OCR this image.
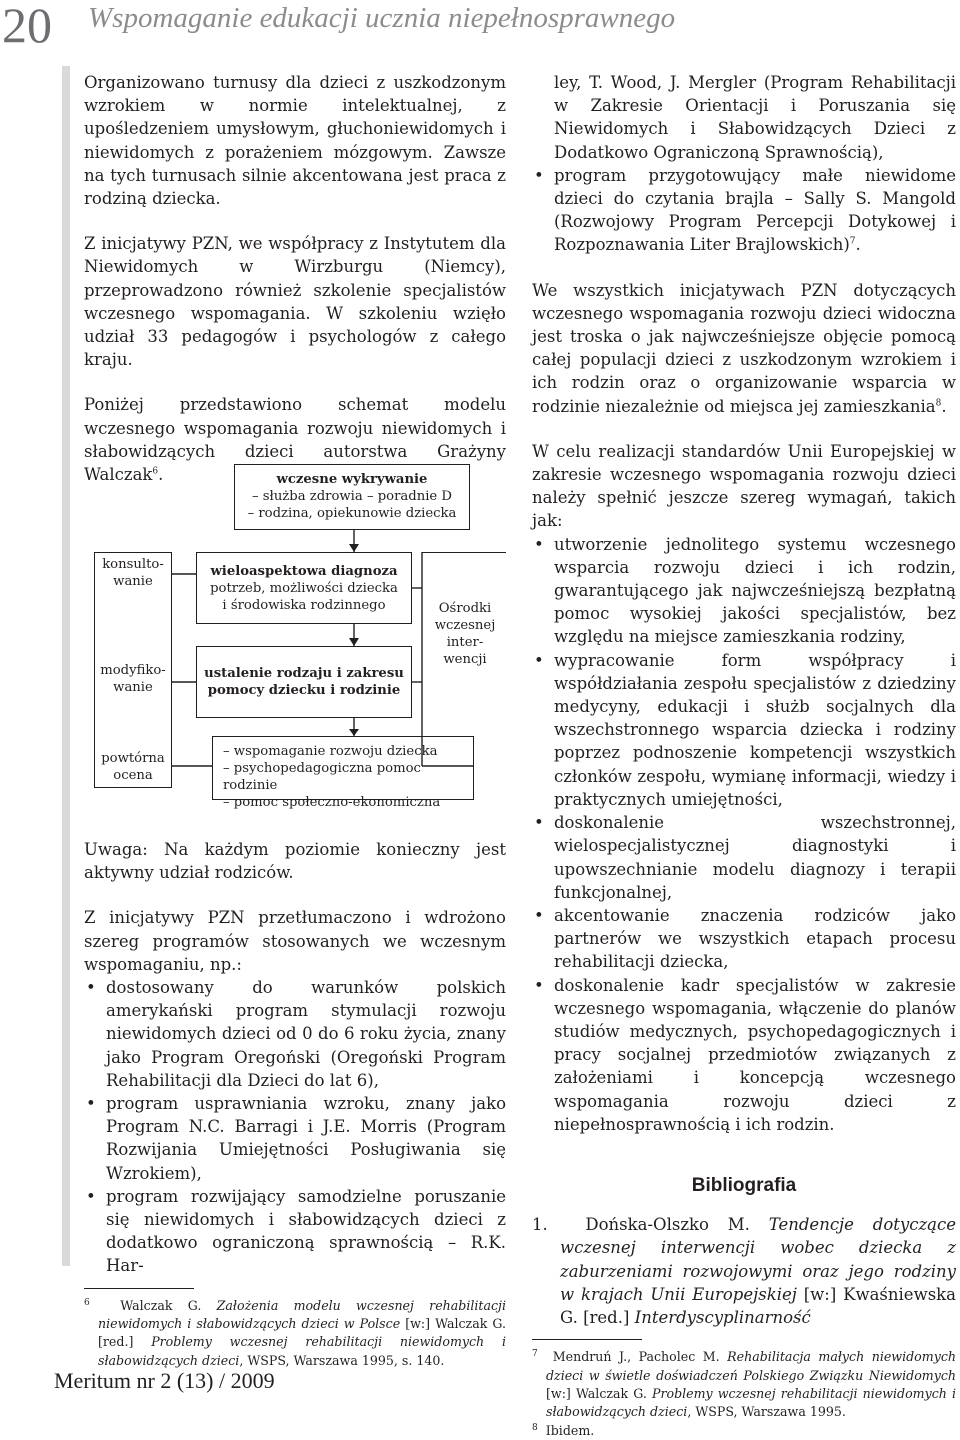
20 Wspomaganie edukacji ucznia niepełnosprawnego

Organizowano turnusy dla dzieci z uszkodzonym wzrokiem w normie intelektualnej, z upośledzeniem umysłowym, głuchoniewidomych i niewidomych z porażeniem mózgowym. Zawsze na tych turnusach silnie akcentowana jest praca z rodziną dziecka.

Z inicjatywy PZN, we współpracy z Instytutem dla Niewidomych w Wirzburgu (Niemcy), przeprowadzono również szkolenie specjalistów wczesnego wspomagania. W szkoleniu wzięło udział 33 pedagogów i psychologów z całego kraju.

Poniżej przedstawiono schemat modelu wczesnego wspomagania rozwoju niewidomych i słabowidzących dzieci autorstwa Grażyny Walczak$^6$.	wczesne wykrywanie
– służba zdrowia – poradnie D
– rodzina, opiekunowie dziecka
wieloaspektowa diagnoza
potrzeb, możliwości dziecka
i środowiska rodzinnego
ustalenie rodzaju i zakresu
pomocy dziecku i rodzinie
– wspomaganie rozwoju dziecka
– psychopedagogiczna pomoc rodzinie
– pomoc społeczno-ekonomiczna
konsulto-wanie
modyfiko-wanie
powtórna ocena
Ośrodki wczesnej inter-wencji

Uwaga: Na każdym poziomie konieczny jest aktywny udział rodziców.

Z inicjatywy PZN przetłumaczono i wdrożono szereg programów stosowanych we wczesnym wspomaganiu, np.:

• dostosowany do warunków polskich amerykański program stymulacji rozwoju niewidomych dzieci od 0 do 6 roku życia, znany jako Program Oregoński (Oregoński Program Rehabilitacji dla Dzieci do lat 6),
• program usprawniania wzroku, znany jako Program N.C. Barragi i J.E. Morris (Program Rozwijania Umiejętności Posługiwania się Wzrokiem),
• program rozwijający samodzielne poruszanie się niewidomych i słabowidzących dzieci z dodatkowo ograniczoną sprawnością – R.K. Har-
$^6$ Walczak G. Założenia modelu wczesnej rehabilitacji niewidomych i słabowidzących dzieci w Polsce [w:] Walczak G. [red.] Problemy wczesnej rehabilitacji niewidomych i słabowidzących dzieci, WSPS, Warszawa 1995, s. 140.

ley, T. Wood, J. Mergler (Program Rehabilitacji w Zakresie Orientacji i Poruszania się Niewidomych i Słabowidzących Dzieci z Dodatkowo Ograniczoną Sprawnością),

• program przygotowujący małe niewidome dzieci do czytania brajla – Sally S. Mangold (Rozwojowy Program Percepcji Dotykowej i Rozpoznawania Liter Brajlowskich)$^7$.

We wszystkich inicjatywach PZN dotyczących wczesnego wspomagania rozwoju dzieci widoczna jest troska o jak najwcześniejsze objęcie pomocą całej populacji dzieci z uszkodzonym wzrokiem i ich rodzin oraz o organizowanie wsparcia w rodzinie niezależnie od miejsca jej zamieszkania$^8$.

W celu realizacji standardów Unii Europejskiej w zakresie wczesnego wspomagania rozwoju dzieci należy spełnić jeszcze szereg wymagań, takich jak:

• utworzenie jednolitego systemu wczesnego wsparcia rozwoju dzieci i ich rodzin, gwarantującego jak najwcześniejszą bezpłatną pomoc wysokiej jakości specjalistów, bez względu na miejsce zamieszkania rodziny,
• wypracowanie form współpracy i współdziałania zespołu specjalistów z dziedziny medycyny, edukacji i służb socjalnych dla wszechstronnego wsparcia dziecka i rodziny poprzez podnoszenie kompetencji wszystkich członków zespołu, wymianę informacji, wiedzy i praktycznych umiejętności,
• doskonalenie wszechstronnej, wielospecjalistycznej diagnostyki i upowszechnianie modelu diagnozy i terapii funkcjonalnej,
• akcentowanie znaczenia rodziców jako partnerów we wszystkich etapach procesu rehabilitacji dziecka,
• doskonalenie kadr specjalistów w zakresie wczesnego wspomagania, włączenie do planów studiów medycznych, psychopedagogicznych i pracy socjalnej przedmiotów związanych z założeniami i koncepcją wczesnego wspomagania rozwoju dzieci z niepełnosprawnością i ich rodzin.
Bibliografia
1. Dońska-Olszko M. Tendencje dotyczące wczesnej interwencji wobec dziecka z zaburzeniami rozwojowymi oraz jego rodziny w krajach Unii Europejskiej [w:] Kwaśniewska G. [red.] Interdyscyplinarność
$^7$ Mendruń J., Pacholec M. Rehabilitacja małych niewidomych dzieci w świetle doświadczeń Polskiego Związku Niewidomych [w:] Walczak G. Problemy wczesnej rehabilitacji niewidomych i słabowidzących dzieci, WSPS, Warszawa 1995.
$^8$ Ibidem.
Meritum nr 2 (13) / 2009
